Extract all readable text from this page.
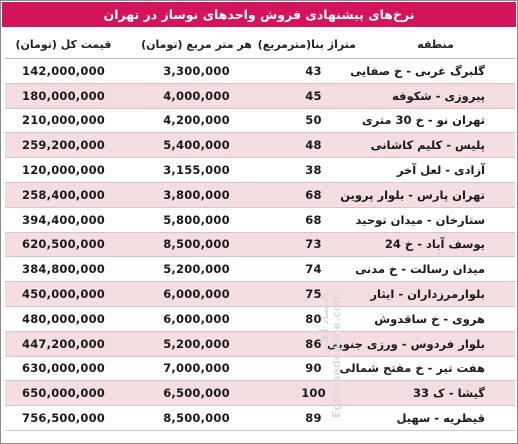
نرخ‌های پیشنهادی فروش واحدهای نوساز در تهران
قیمت کل (تومان)	هر متر مربع (تومان)	متراژ بنا(مترمربع)	منطقه
142,000,000	3,300,000	43	گلبرگ غربی - خ صفایی
180,000,000	4,000,000	45	پیروزی - شکوفه
210,000,000	4,200,000	50	تهران نو - خ 30 متری
259,200,000	5,400,000	48	پلیس - کلیم کاشانی
120,000,000	3,155,000	38	آزادی - لعل آخر
258,400,000	3,800,000	68	تهران پارس - بلوار پروین
394,400,000	5,800,000	68	ستارخان - میدان توحید
620,500,000	8,500,000	73	یوسف آباد - خ 24
384,800,000	5,200,000	74	میدان رسالت - خ مدنی
450,000,000	6,000,000	75	بلوارمرزداران - ایثار
480,000,000	6,000,000	80	هروی - خ ساقدوش
447,200,000	5,200,000	86	بلوار فردوس - ورزی جنوبی
630,000,000	7,000,000	90	هفت تیر - خ مفتح شمالی
650,000,000	6,500,000	100	گیشا - ک 33
756,500,000	8,500,000	89	قیطریه - سهیل
Eghtesadonline.com
اقتصاد آنلاین
